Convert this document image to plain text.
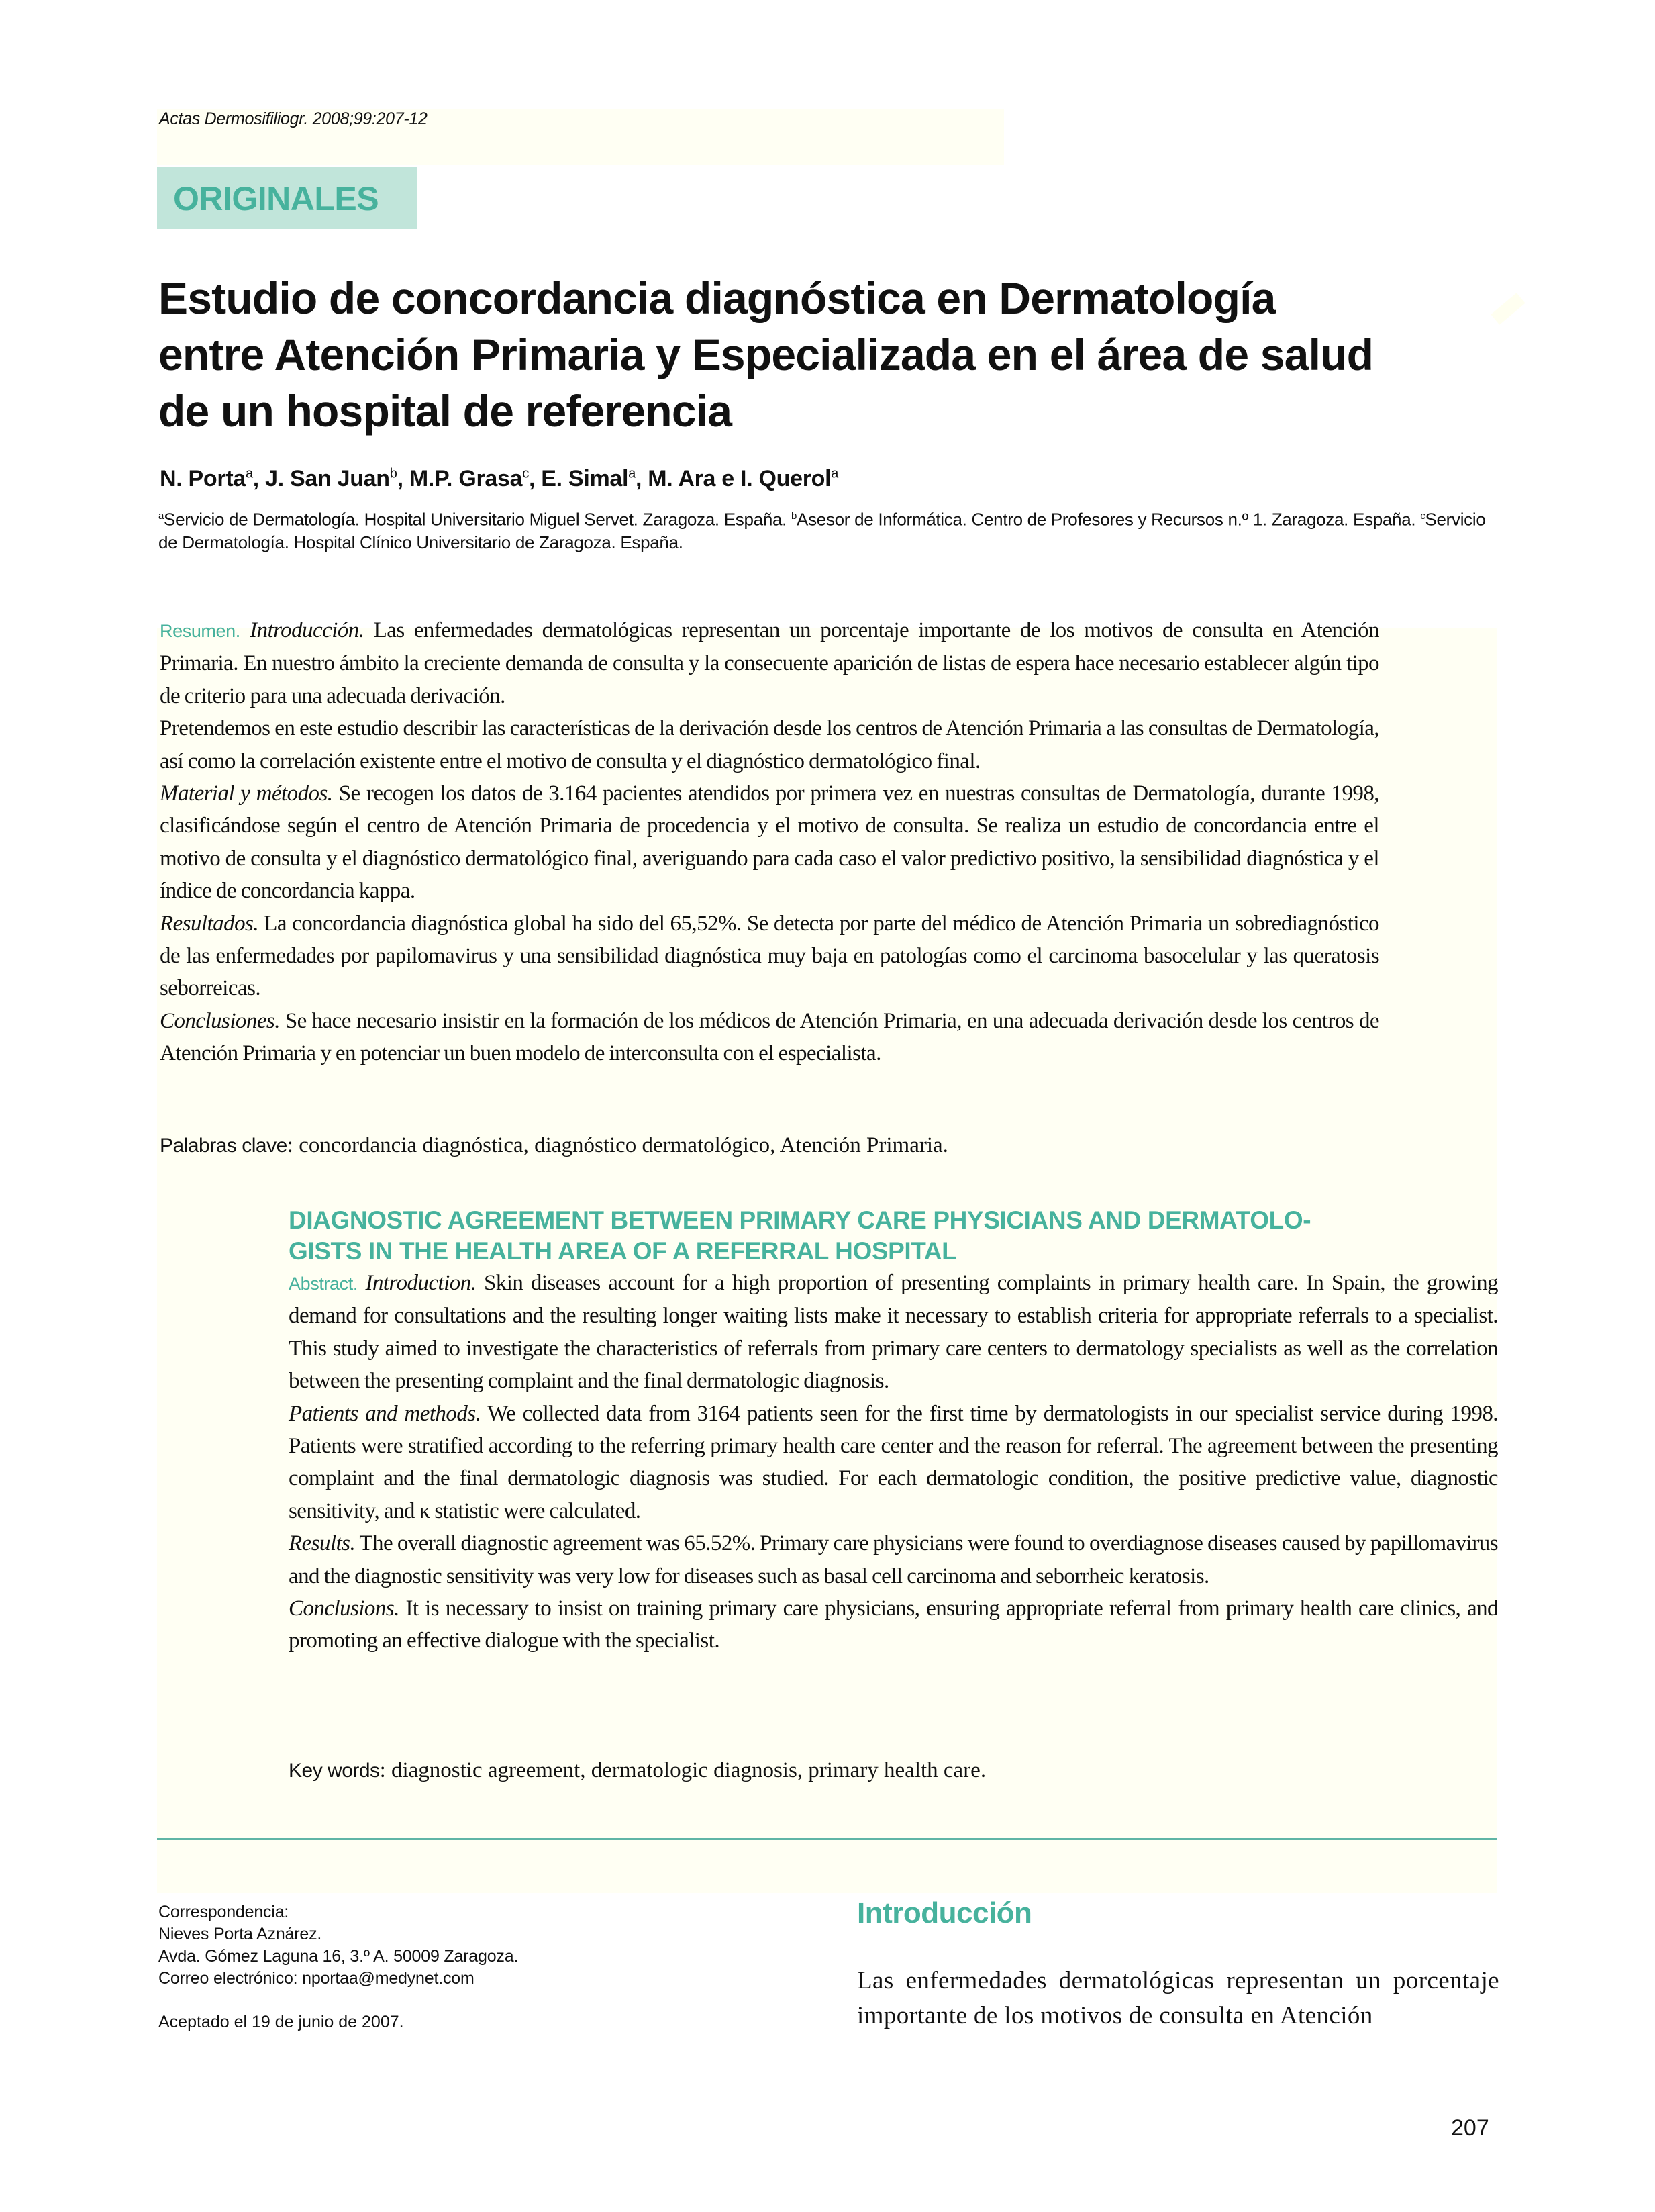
Actas Dermosifiliogr. 2008;99:207-12
ORIGINALES
Estudio de concordancia diagnóstica en Dermatología
entre Atención Primaria y Especializada en el área de salud
de un hospital de referencia
N. Porta$^a$, J. San Juan$^b$, M.P. Grasa$^c$, E. Simal$^a$, M. Ara e I. Querol$^a$
$^a$Servicio de Dermatología. Hospital Universitario Miguel Servet. Zaragoza. España. $^b$Asesor de Informática. Centro de Profesores y Recursos n.º 1. Zaragoza. España. $^c$Servicio de Dermatología. Hospital Clínico Universitario de Zaragoza. España.

Resumen. Introducción. Las enfermedades dermatológicas representan un porcentaje importante de los motivos de consulta en Atención Primaria. En nuestro ámbito la creciente demanda de consulta y la consecuente aparición de listas de espera hace necesario establecer algún tipo de criterio para una adecuada derivación.

Pretendemos en este estudio describir las características de la derivación desde los centros de Atención Primaria a las consultas de Dermatología, así como la correlación existente entre el motivo de consulta y el diagnóstico dermatológico final.

Material y métodos. Se recogen los datos de 3.164 pacientes atendidos por primera vez en nuestras consultas de Dermatología, durante 1998, clasificándose según el centro de Atención Primaria de procedencia y el motivo de consulta. Se realiza un estudio de concordancia entre el motivo de consulta y el diagnóstico dermatológico final, averiguando para cada caso el valor predictivo positivo, la sensibilidad diagnóstica y el índice de concordancia kappa.

Resultados. La concordancia diagnóstica global ha sido del 65,52%. Se detecta por parte del médico de Atención Primaria un sobrediagnóstico de las enfermedades por papilomavirus y una sensibilidad diagnóstica muy baja en patologías como el carcinoma basocelular y las queratosis seborreicas.

Conclusiones. Se hace necesario insistir en la formación de los médicos de Atención Primaria, en una adecuada derivación desde los centros de Atención Primaria y en potenciar un buen modelo de interconsulta con el especialista.

Palabras clave: concordancia diagnóstica, diagnóstico dermatológico, Atención Primaria.
DIAGNOSTIC AGREEMENT BETWEEN PRIMARY CARE PHYSICIANS AND DERMATOLO-
GISTS IN THE HEALTH AREA OF A REFERRAL HOSPITAL

Abstract. Introduction. Skin diseases account for a high proportion of presenting complaints in primary health care. In Spain, the growing demand for consultations and the resulting longer waiting lists make it necessary to establish criteria for appropriate referrals to a specialist. This study aimed to investigate the characteristics of referrals from primary care centers to dermatology specialists as well as the correlation between the presenting complaint and the final dermatologic diagnosis.

Patients and methods. We collected data from 3164 patients seen for the first time by dermatologists in our specialist service during 1998. Patients were stratified according to the referring primary health care center and the reason for referral. The agreement between the presenting complaint and the final dermatologic diagnosis was studied. For each dermatologic condition, the positive predictive value, diagnostic sensitivity, and κ statistic were calculated.

Results. The overall diagnostic agreement was 65.52%. Primary care physicians were found to overdiagnose diseases caused by papillomavirus and the diagnostic sensitivity was very low for diseases such as basal cell carcinoma and seborrheic keratosis.

Conclusions. It is necessary to insist on training primary care physicians, ensuring appropriate referral from primary health care clinics, and promoting an effective dialogue with the specialist.

Key words: diagnostic agreement, dermatologic diagnosis, primary health care.
Correspondencia:
Nieves Porta Aznárez.
Avda. Gómez Laguna 16, 3.º A. 50009 Zaragoza.
Correo electrónico: nportaa@medynet.com
Aceptado el 19 de junio de 2007.
Introducción
Las enfermedades dermatológicas representan un porcentaje importante de los motivos de consulta en Atención
207
